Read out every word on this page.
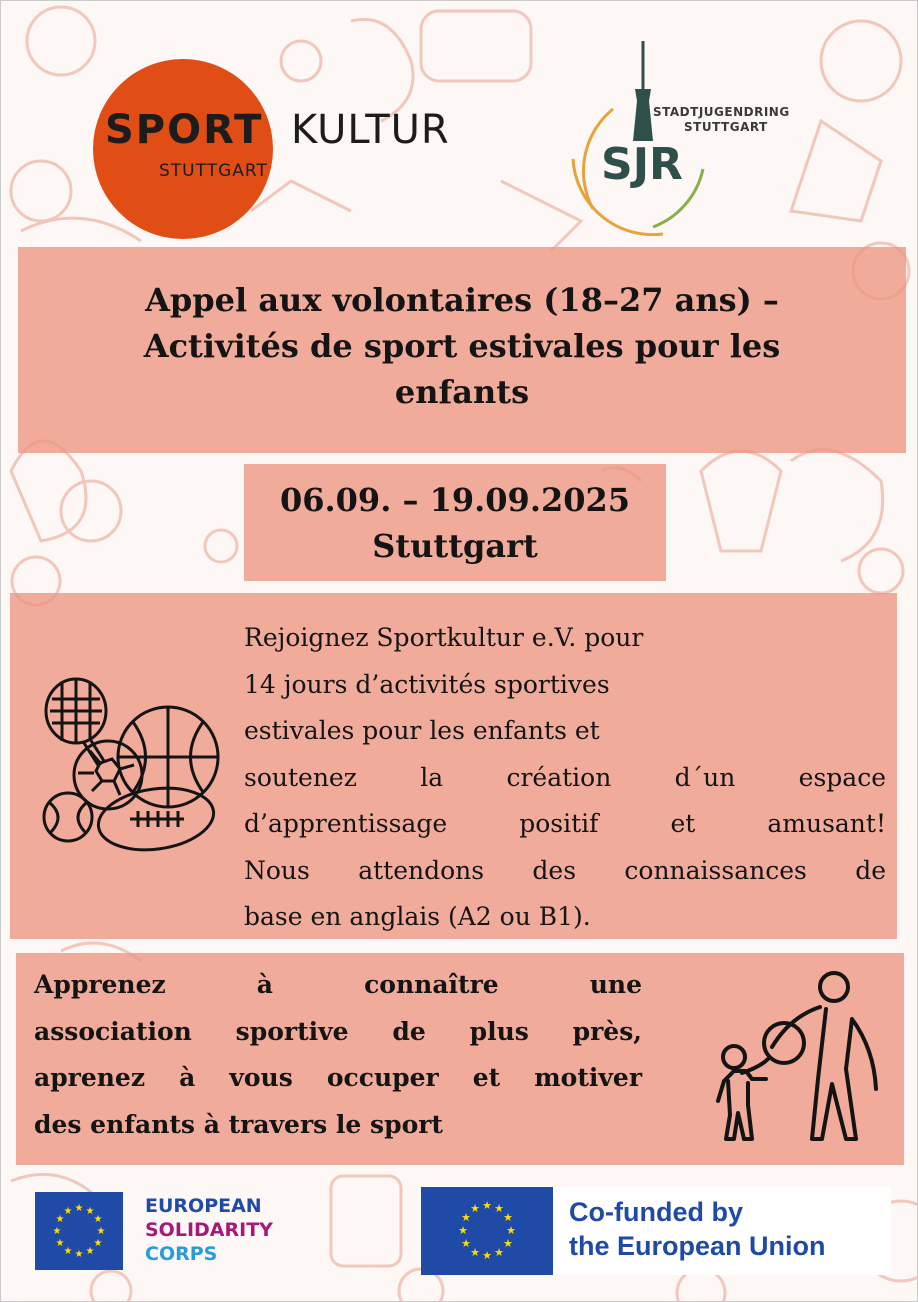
SPORT KULTUR
STUTTGART	SJR
STADTJUGENDRING
STUTTGART
Appel aux volontaires (18–27 ans) –
Activités de sport estivales pour les
enfants
06.09. – 19.09.2025
Stuttgart
Rejoignez Sportkultur e.V. pour
14 jours d’activités sportives
estivales pour les enfants et
soutenez la création d´un espace
d’apprentissage positif et amusant!
Nous attendons des connaissances de
base en anglais (A2 ou B1).
Apprenez à connaître une
association sportive de plus près,
aprenez à vous occuper et motiver
des enfants à travers le sport
★ ★
★
★
★
★
★
★
★
★
★
★	EUROPEAN
SOLIDARITY
CORPS
★ ★
★
★
★
★
★
★
★
★
★
★	Co-funded by
the European Union
